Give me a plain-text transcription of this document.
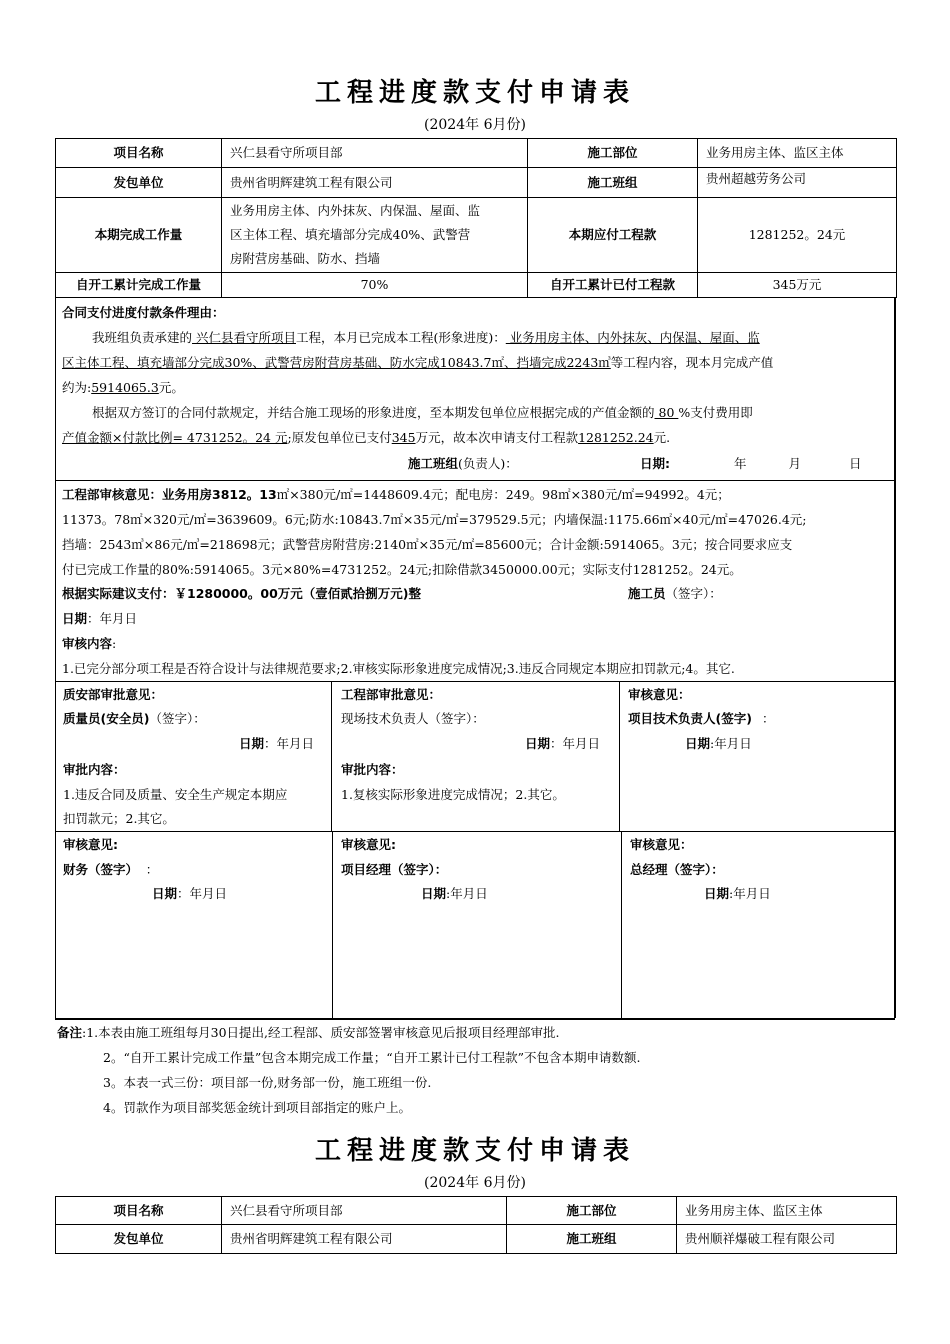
工程进度款支付申请表
(2024年 6月份)
项目名称	兴仁县看守所项目部	施工部位	业务用房主体、监区主体
发包单位	贵州省明辉建筑工程有限公司	施工班组	贵州超越劳务公司
本期完成工作量	业务用房主体、内外抹灰、内保温、屋面、监
区主体工程、填充墙部分完成40%、武警营
房附营房基础、防水、挡墙	本期应付工程款	1281252。24元
自开工累计完成工作量	70%	自开工累计已付工程款	345万元
合同支付进度付款条件理由：
我班组负责承建的 兴仁县看守所项目工程，本月已完成本工程(形象进度)： 业务用房主体、内外抹灰、内保温、屋面、监
区主体工程、填充墙部分完成30%、武警营房附营房基础、防水完成10843.7㎡、挡墙完成2243㎥等工程内容，现本月完成产值
约为:5914065.3元。
根据双方签订的合同付款规定，并结合施工现场的形象进度，至本期发包单位应根据完成的产值金额的 80 %支付费用即
产值金额×付款比例= 4731252。24 元;原发包单位已支付345万元，故本次申请支付工程款1281252.24元.
施工班组(负责人)：	日期:	年	月	日
工程部审核意见：业务用房3812。13㎡×380元/㎡=1448609.4元；配电房：249。98㎡×380元/㎡=94992。4元；
11373。78㎡×320元/㎡=3639609。6元;防水:10843.7㎡×35元/㎡=379529.5元；内墙保温:1175.66㎡×40元/㎡=47026.4元;
挡墙：2543㎥×86元/㎥=218698元；武警营房附营房:2140㎡×35元/㎡=85600元；合计金额:5914065。3元；按合同要求应支
付已完成工作量的80%:5914065。3元×80%=4731252。24元;扣除借款3450000.00元；实际支付1281252。24元。
根据实际建议支付：￥1280000。00万元（壹佰贰拾捌万元)整	施工员（签字）：
日期：年月日
审核内容:
1.已完分部分项工程是否符合设计与法律规范要求;2.审核实际形象进度完成情况;3.违反合同规定本期应扣罚款元;4。其它.
质安部审批意见：
质量员(安全员)（签字）：
日期：年月日
审批内容：
1.违反合同及质量、安全生产规定本期应
扣罚款元；2.其它。
工程部审批意见：
现场技术负责人（签字）：
日期：年月日
审批内容：
1.复核实际形象进度完成情况；2.其它。
审核意见：
项目技术负责人(签字) ：
日期:年月日
审核意见:
财务（签字） ：
日期：年月日
审核意见:
项目经理（签字）：
日期:年月日
审核意见：
总经理（签字）：
日期:年月日
备注:1.本表由施工班组每月30日提出,经工程部、质安部签署审核意见后报项目经理部审批.
2。“自开工累计完成工作量”包含本期完成工作量；“自开工累计已付工程款”不包含本期申请数额.
3。本表一式三份：项目部一份,财务部一份，施工班组一份.
4。罚款作为项目部奖惩金统计到项目部指定的账户上。
工程进度款支付申请表
(2024年 6月份)
项目名称	兴仁县看守所项目部	施工部位	业务用房主体、监区主体
发包单位	贵州省明辉建筑工程有限公司	施工班组	贵州顺祥爆破工程有限公司
